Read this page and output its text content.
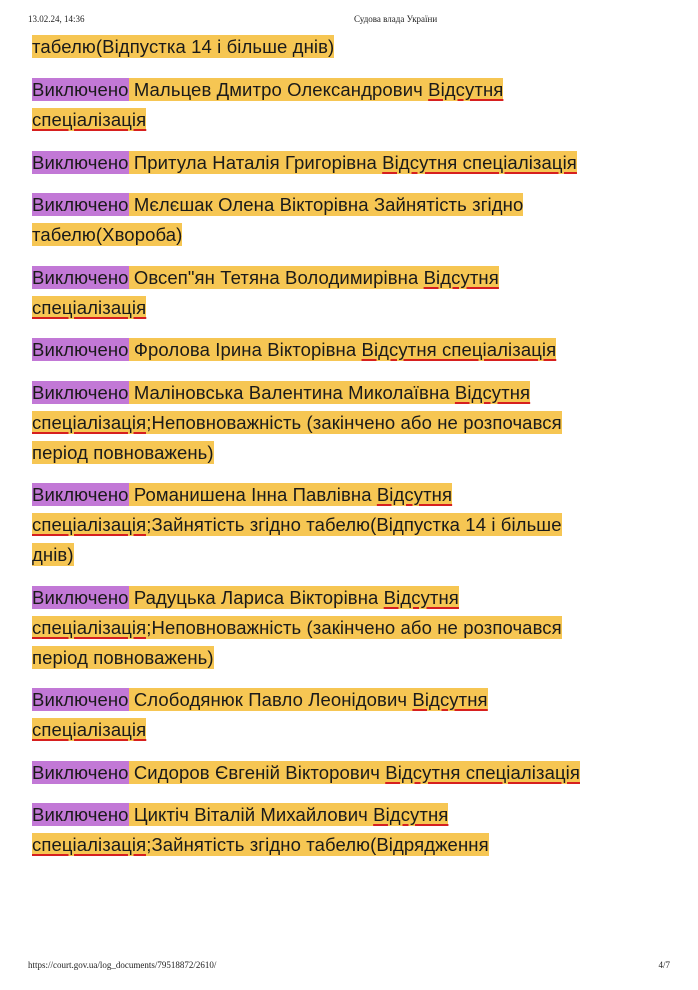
13.02.24, 14:36	Судова влада України
табелю(Відпустка 14 і більше днів)
Виключено Мальцев Дмитро Олександрович Відсутня спеціалізація
Виключено Притула Наталія Григорівна Відсутня спеціалізація
Виключено Мєлєшак Олена Вікторівна Зайнятість згідно табелю(Хвороба)
Виключено Овсеп"ян Тетяна Володимирівна Відсутня спеціалізація
Виключено Фролова Ірина Вікторівна Відсутня спеціалізація
Виключено Маліновська Валентина Миколаївна Відсутня спеціалізація;Неповноважність (закінчено або не розпочався період повноважень)
Виключено Романишена Інна Павлівна Відсутня спеціалізація;Зайнятість згідно табелю(Відпустка 14 і більше днів)
Виключено Радуцька Лариса Вікторівна Відсутня спеціалізація;Неповноважність (закінчено або не розпочався період повноважень)
Виключено Слободянюк Павло Леонідович Відсутня спеціалізація
Виключено Сидоров Євгеній Вікторович Відсутня спеціалізація
Виключено Циктіч Віталій Михайлович Відсутня спеціалізація;Зайнятість згідно табелю(Відрядження
https://court.gov.ua/log_documents/79518872/2610/	4/7
